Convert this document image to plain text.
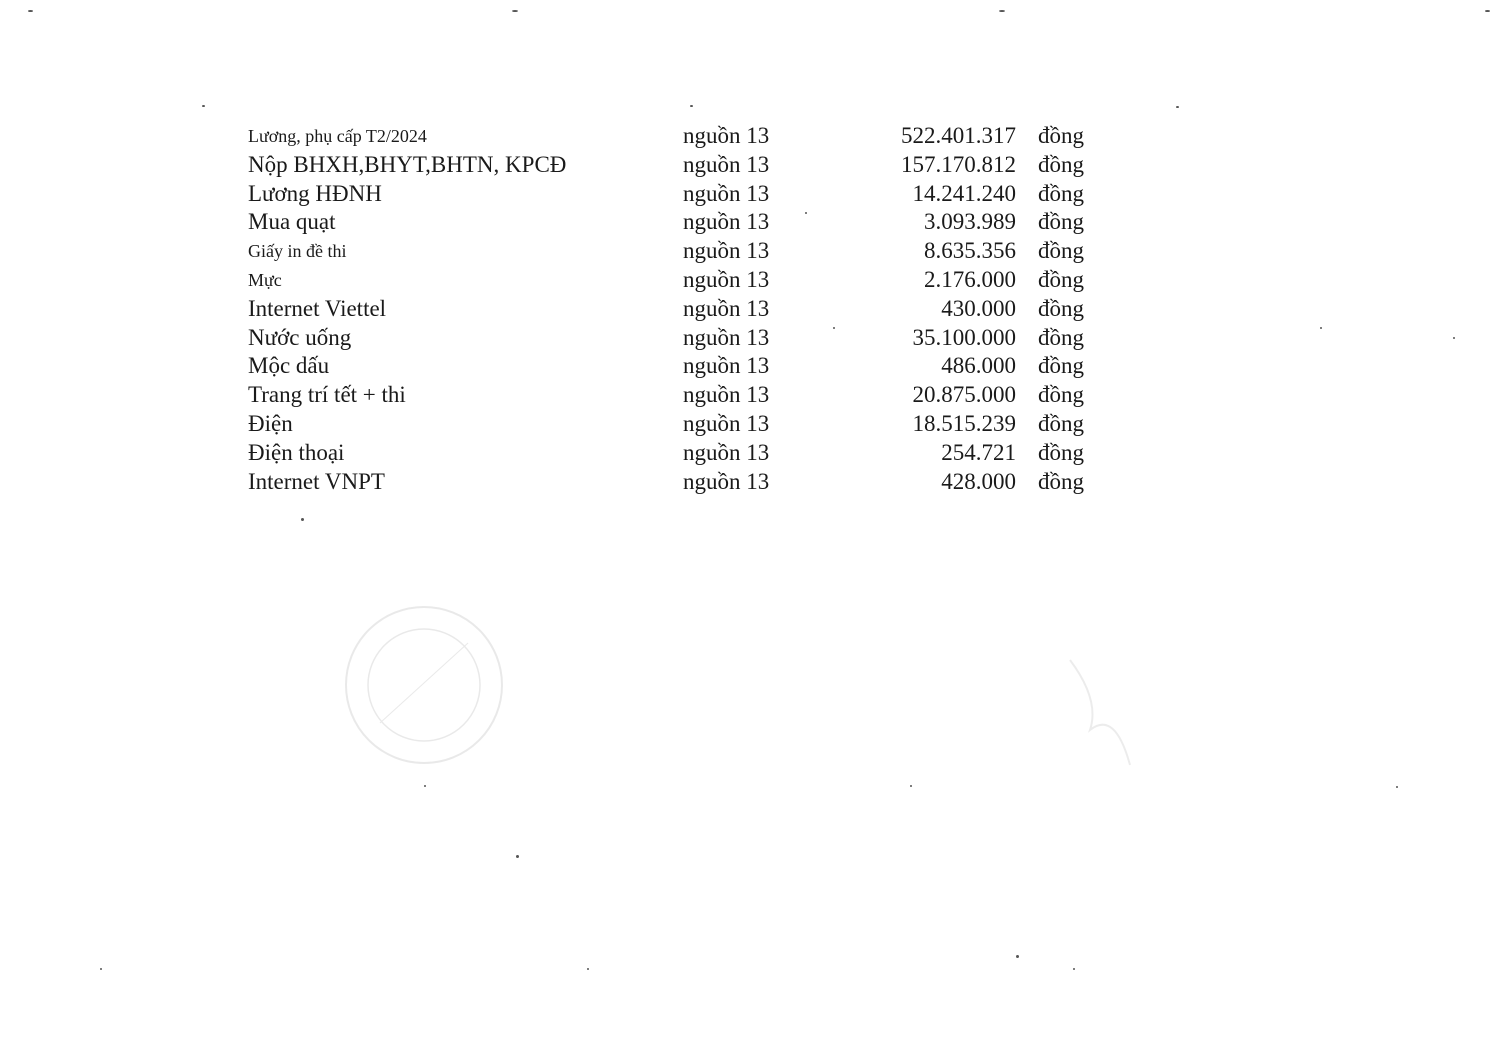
Lương, phụ cấp T2/2024	nguồn 13	522.401.317 đồng
Nộp BHXH,BHYT,BHTN, KPCĐ	nguồn 13	157.170.812 đồng
Lương HĐNH	nguồn 13	14.241.240 đồng
Mua quạt	nguồn 13	3.093.989 đồng
Giấy in đề thi	nguồn 13	8.635.356 đồng
Mực	nguồn 13	2.176.000 đồng
Internet Viettel	nguồn 13	430.000 đồng
Nước uống	nguồn 13	35.100.000 đồng
Mộc dấu	nguồn 13	486.000 đồng
Trang trí tết + thi	nguồn 13	20.875.000 đồng
Điện	nguồn 13	18.515.239 đồng
Điện thoại	nguồn 13	254.721 đồng
Internet VNPT	nguồn 13	428.000 đồng
